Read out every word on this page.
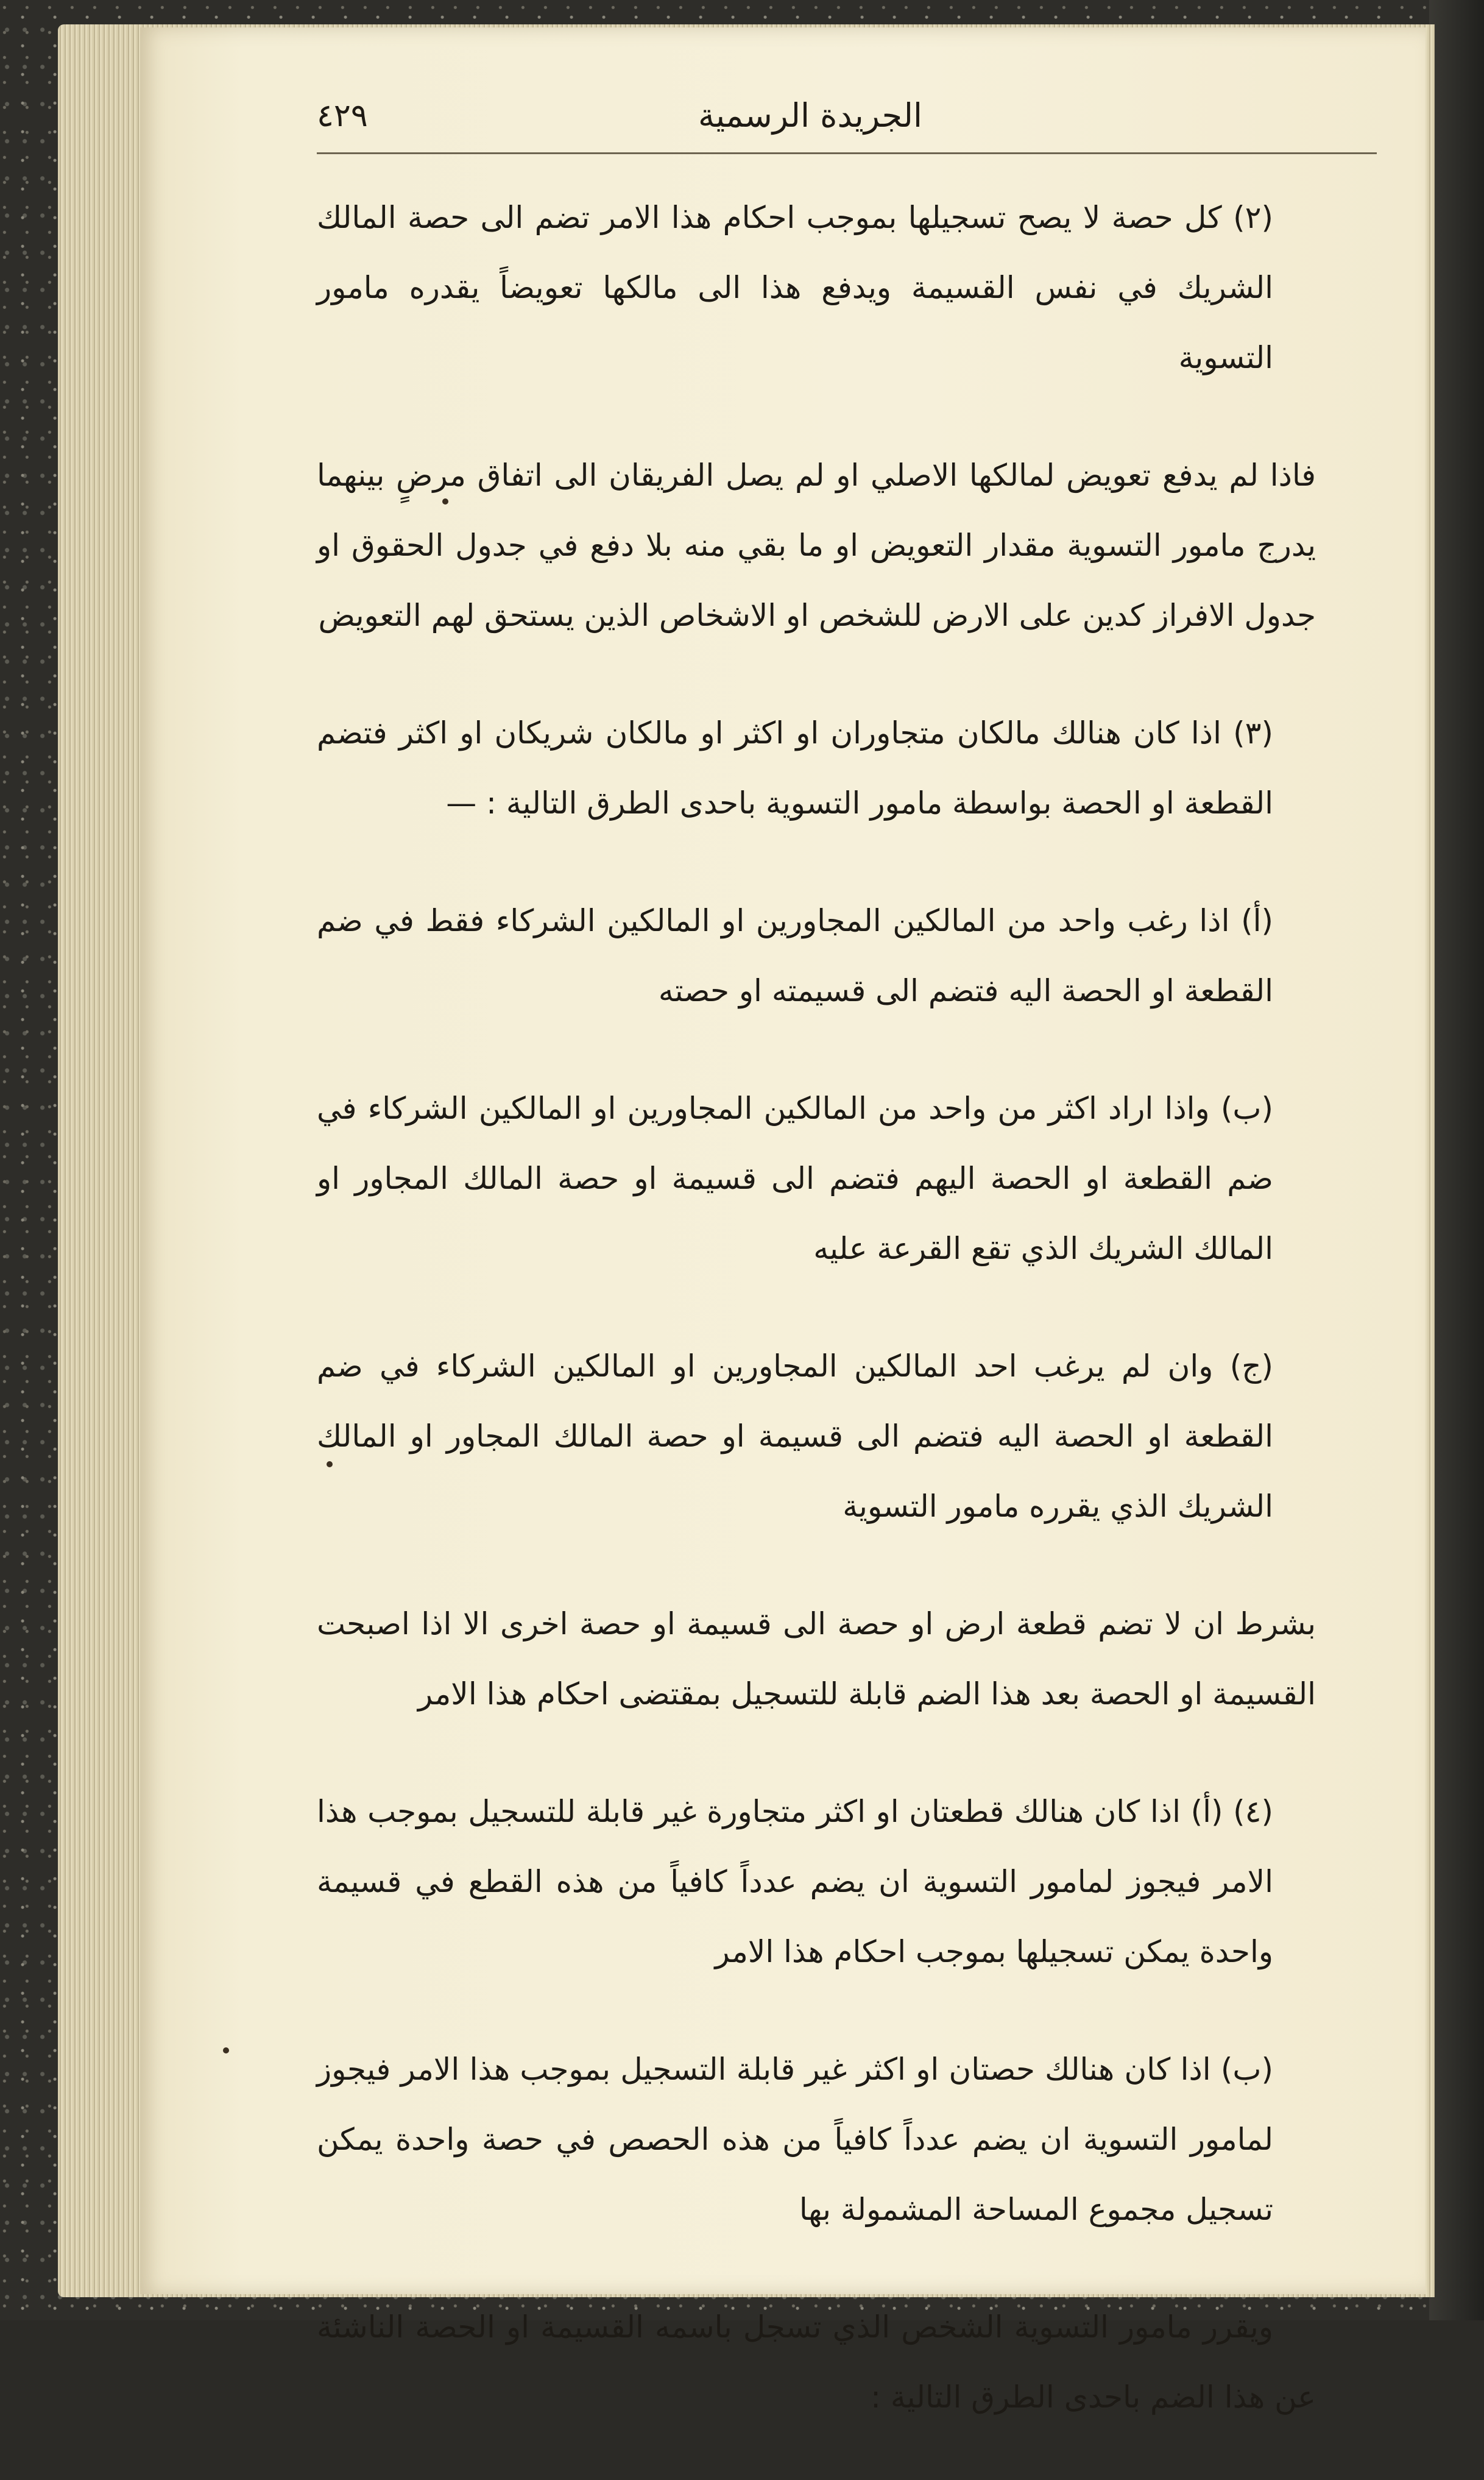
٤٢٩	الجريدة الرسمية

(٢) كل حصة لا يصح تسجيلها بموجب احكام هذا الامر تضم الى حصة المالك الشريك في نفس القسيمة ويدفع هذا الى مالكها تعويضاً يقدره مامور التسوية

فاذا لم يدفع تعويض لمالكها الاصلي او لم يصل الفريقان الى اتفاق مرضٍ بينهما يدرج مامور التسوية مقدار التعويض او ما بقي منه بلا دفع في جدول الحقوق او جدول الافراز كدين على الارض للشخص او الاشخاص الذين يستحق لهم التعويض

(٣) اذا كان هنالك مالكان متجاوران او اكثر او مالكان شريكان او اكثر فتضم القطعة او الحصة بواسطة مامور التسوية باحدى الطرق التالية : —

(أ) اذا رغب واحد من المالكين المجاورين او المالكين الشركاء فقط في ضم القطعة او الحصة اليه فتضم الى قسيمته او حصته

(ب) واذا اراد اكثر من واحد من المالكين المجاورين او المالكين الشركاء في ضم القطعة او الحصة اليهم فتضم الى قسيمة او حصة المالك المجاور او المالك الشريك الذي تقع القرعة عليه

(ج) وان لم يرغب احد المالكين المجاورين او المالكين الشركاء في ضم القطعة او الحصة اليه فتضم الى قسيمة او حصة المالك المجاور او المالك الشريك الذي يقرره مامور التسوية

بشرط ان لا تضم قطعة ارض او حصة الى قسيمة او حصة اخرى الا اذا اصبحت القسيمة او الحصة بعد هذا الضم قابلة للتسجيل بمقتضى احكام هذا الامر

(٤) (أ) اذا كان هنالك قطعتان او اكثر متجاورة غير قابلة للتسجيل بموجب هذا الامر فيجوز لمامور التسوية ان يضم عدداً كافياً من هذه القطع في قسيمة واحدة يمكن تسجيلها بموجب احكام هذا الامر

(ب) اذا كان هنالك حصتان او اكثر غير قابلة التسجيل بموجب هذا الامر فيجوز لمامور التسوية ان يضم عدداً كافياً من هذه الحصص في حصة واحدة يمكن تسجيل مجموع المساحة المشمولة بها

ويقرر مامور التسوية الشخص الذي تسجل باسمه القسيمة او الحصة الناشئة عن هذا الضم باحدى الطرق التالية :
